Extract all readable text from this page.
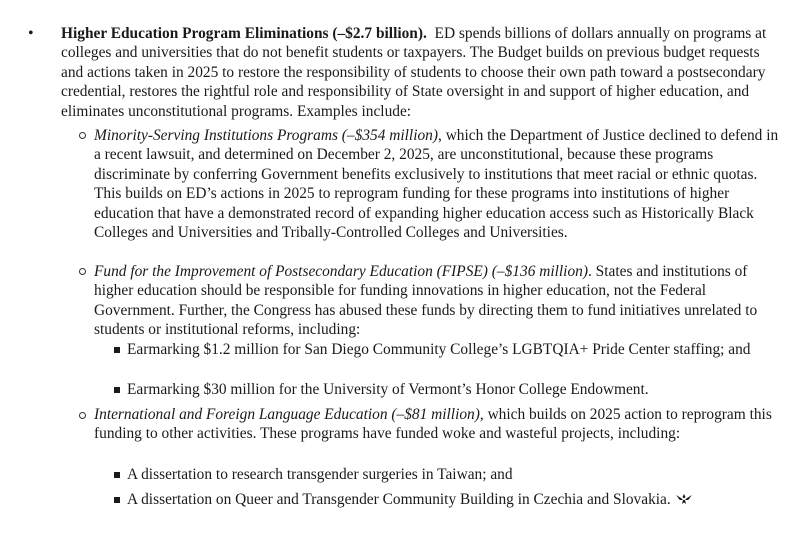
• Higher Education Program Eliminations (–$2.7 billion). ED spends billions of dollars annually on programs at colleges and universities that do not benefit students or taxpayers. The Budget builds on previous budget requests and actions taken in 2025 to restore the responsibility of students to choose their own path toward a postsecondary credential, restores the rightful role and responsibility of State oversight in and support of higher education, and eliminates unconstitutional programs. Examples include:
Minority-Serving Institutions Programs (–$354 million), which the Department of Justice declined to defend in a recent lawsuit, and determined on December 2, 2025, are unconstitutional, because these programs discriminate by conferring Government benefits exclusively to institutions that meet racial or ethnic quotas. This builds on ED’s actions in 2025 to reprogram funding for these programs into institutions of higher education that have a demonstrated record of expanding higher education access such as Historically Black Colleges and Universities and Tribally-Controlled Colleges and Universities.
Fund for the Improvement of Postsecondary Education (FIPSE) (–$136 million). States and institutions of higher education should be responsible for funding innovations in higher education, not the Federal Government. Further, the Congress has abused these funds by directing them to fund initiatives unrelated to students or institutional reforms, including:
Earmarking $1.2 million for San Diego Community College’s LGBTQIA+ Pride Center staffing; and
Earmarking $30 million for the University of Vermont’s Honor College Endowment.
International and Foreign Language Education (–$81 million), which builds on 2025 action to reprogram this funding to other activities. These programs have funded woke and wasteful projects, including:
A dissertation to research transgender surgeries in Taiwan; and
A dissertation on Queer and Transgender Community Building in Czechia and Slovakia.
